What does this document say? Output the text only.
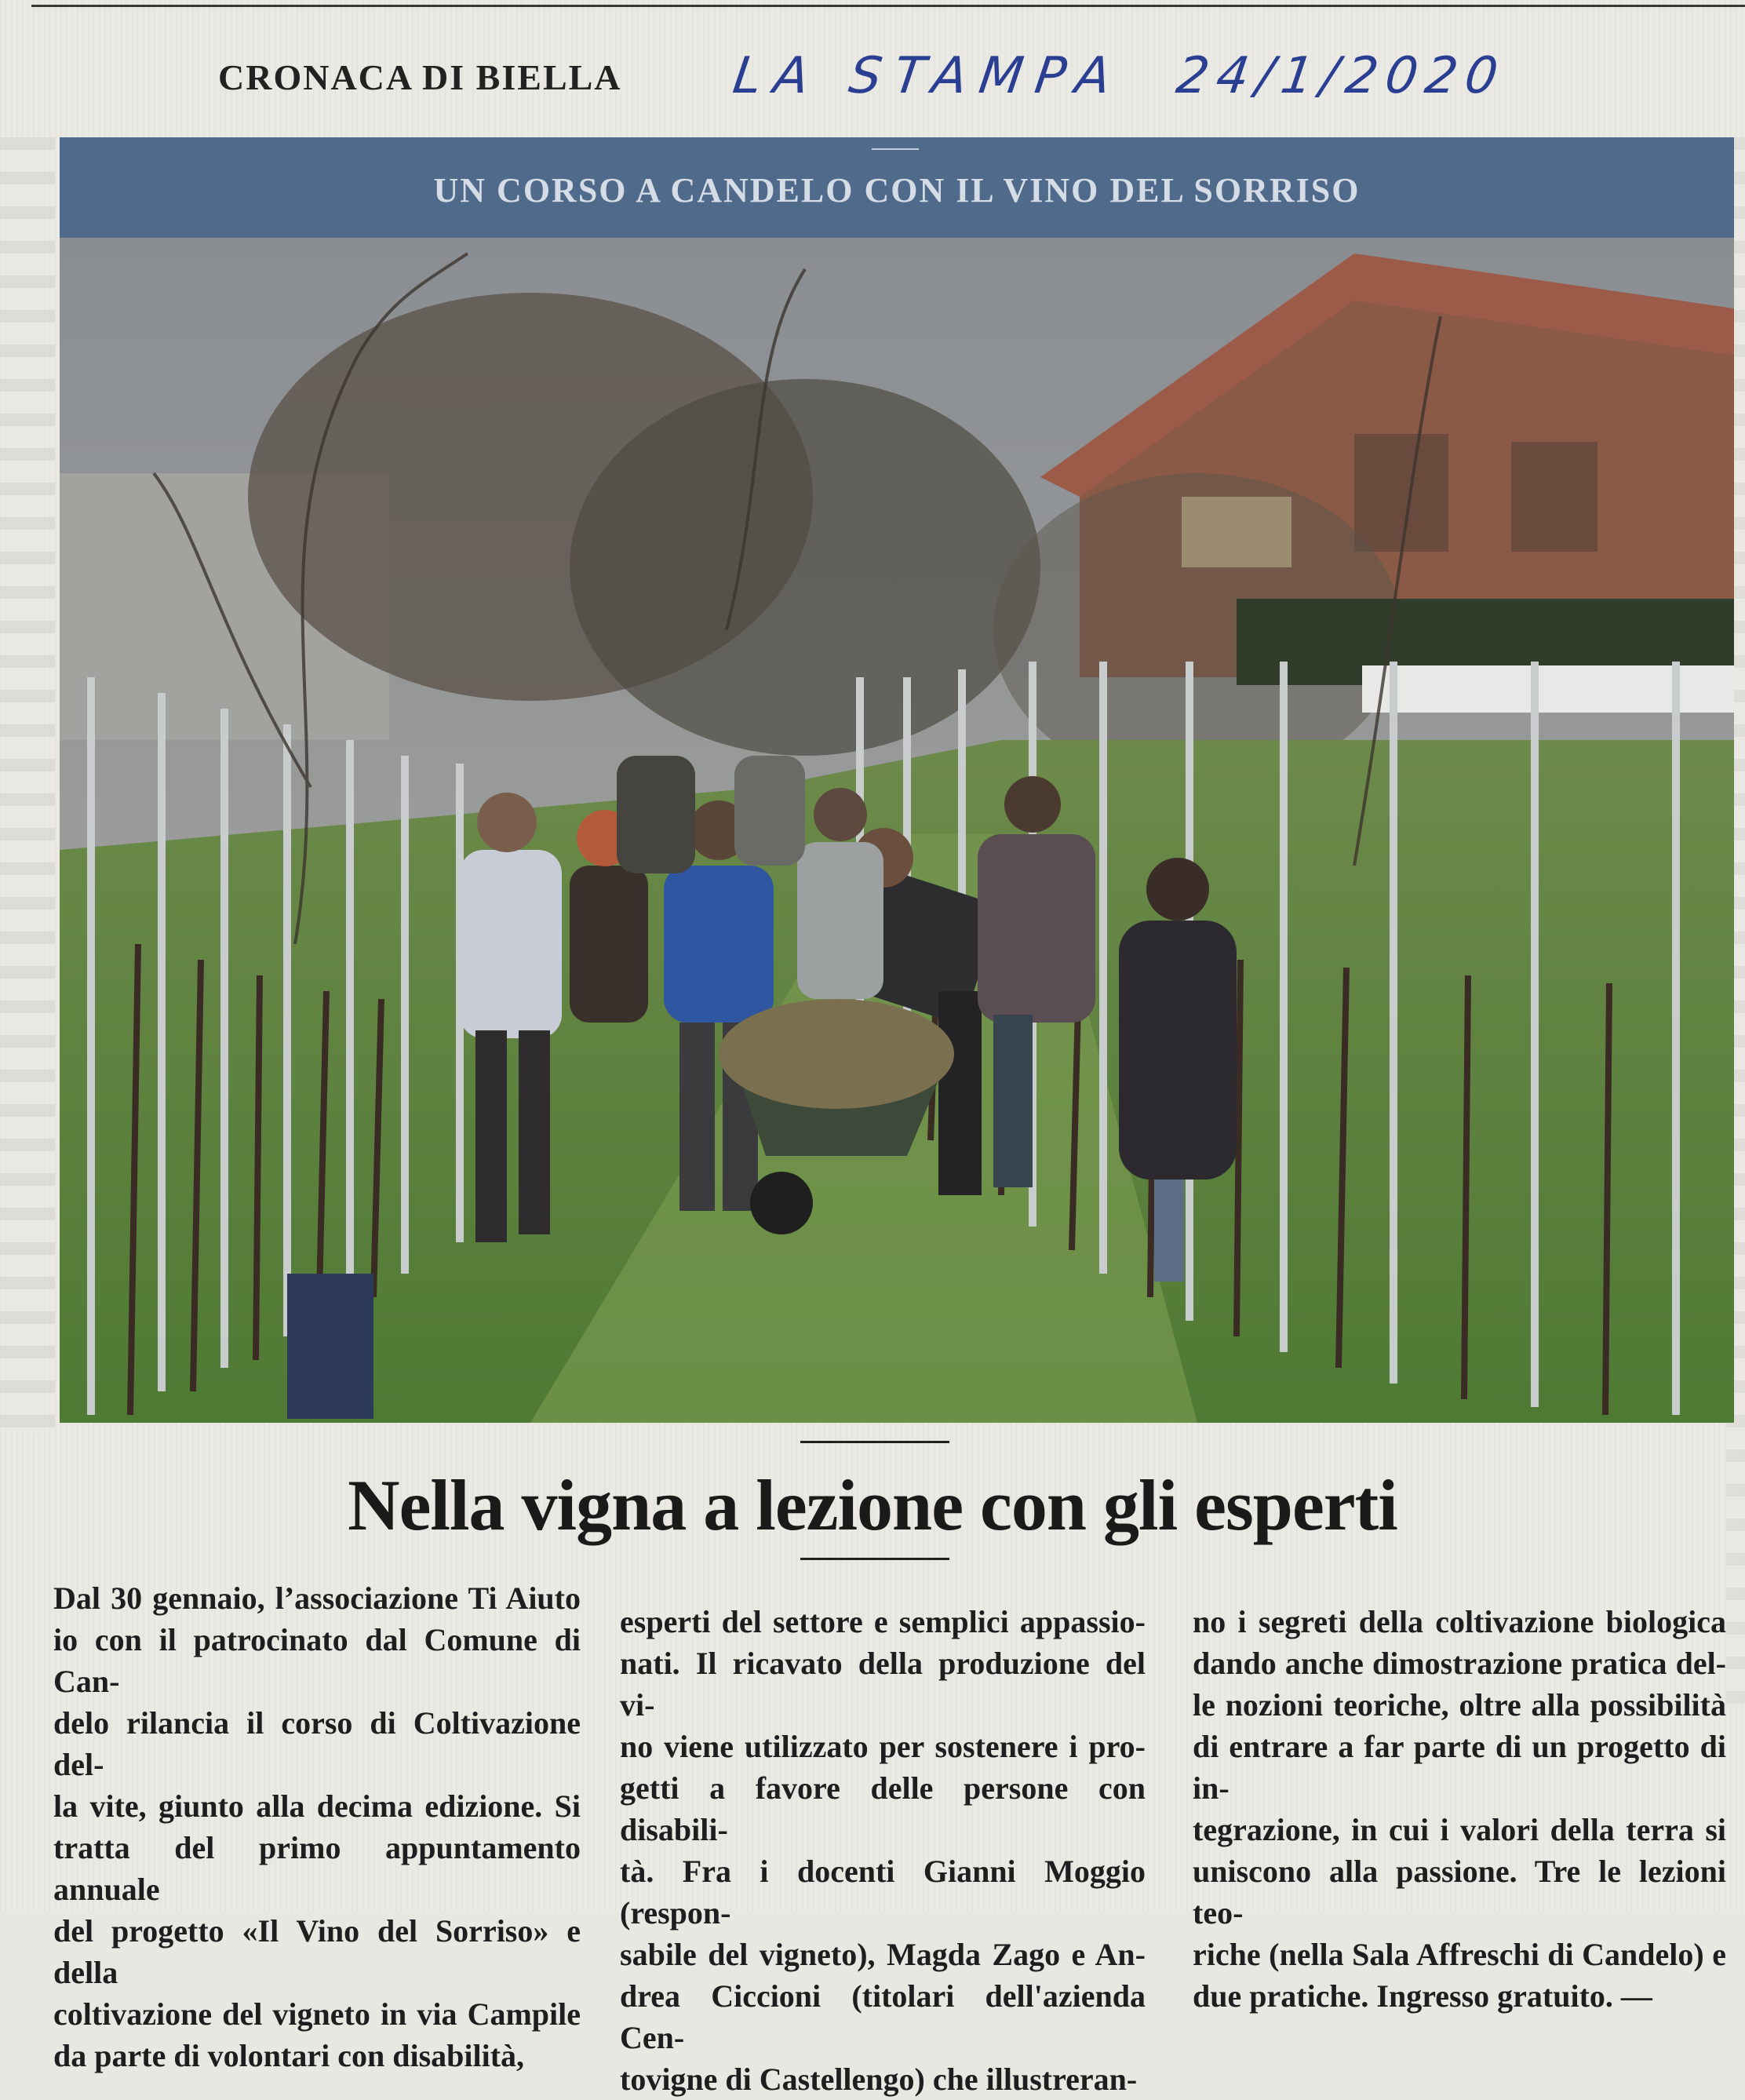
CRONACA DI BIELLA LA STAMPA 24/1/2020
UN CORSO A CANDELO CON IL VINO DEL SORRISO
Nella vigna a lezione con gli esperti

Dal 30 gennaio, l’associazione Ti Aiuto

io con il patrocinato dal Comune di Can-

delo rilancia il corso di Coltivazione del-

la vite, giunto alla decima edizione. Si

tratta del primo appuntamento annuale

del progetto «Il Vino del Sorriso» e della

coltivazione del vigneto in via Campile

da parte di volontari con disabilità,

esperti del settore e semplici appassio-

nati. Il ricavato della produzione del vi-

no viene utilizzato per sostenere i pro-

getti a favore delle persone con disabili-

tà. Fra i docenti Gianni Moggio (respon-

sabile del vigneto), Magda Zago e An-

drea Ciccioni (titolari dell'azienda Cen-

tovigne di Castellengo) che illustreran-

no i segreti della coltivazione biologica

dando anche dimostrazione pratica del-

le nozioni teoriche, oltre alla possibilità

di entrare a far parte di un progetto di in-

tegrazione, in cui i valori della terra si

uniscono alla passione. Tre le lezioni teo-

riche (nella Sala Affreschi di Candelo) e

due pratiche. Ingresso gratuito. —
